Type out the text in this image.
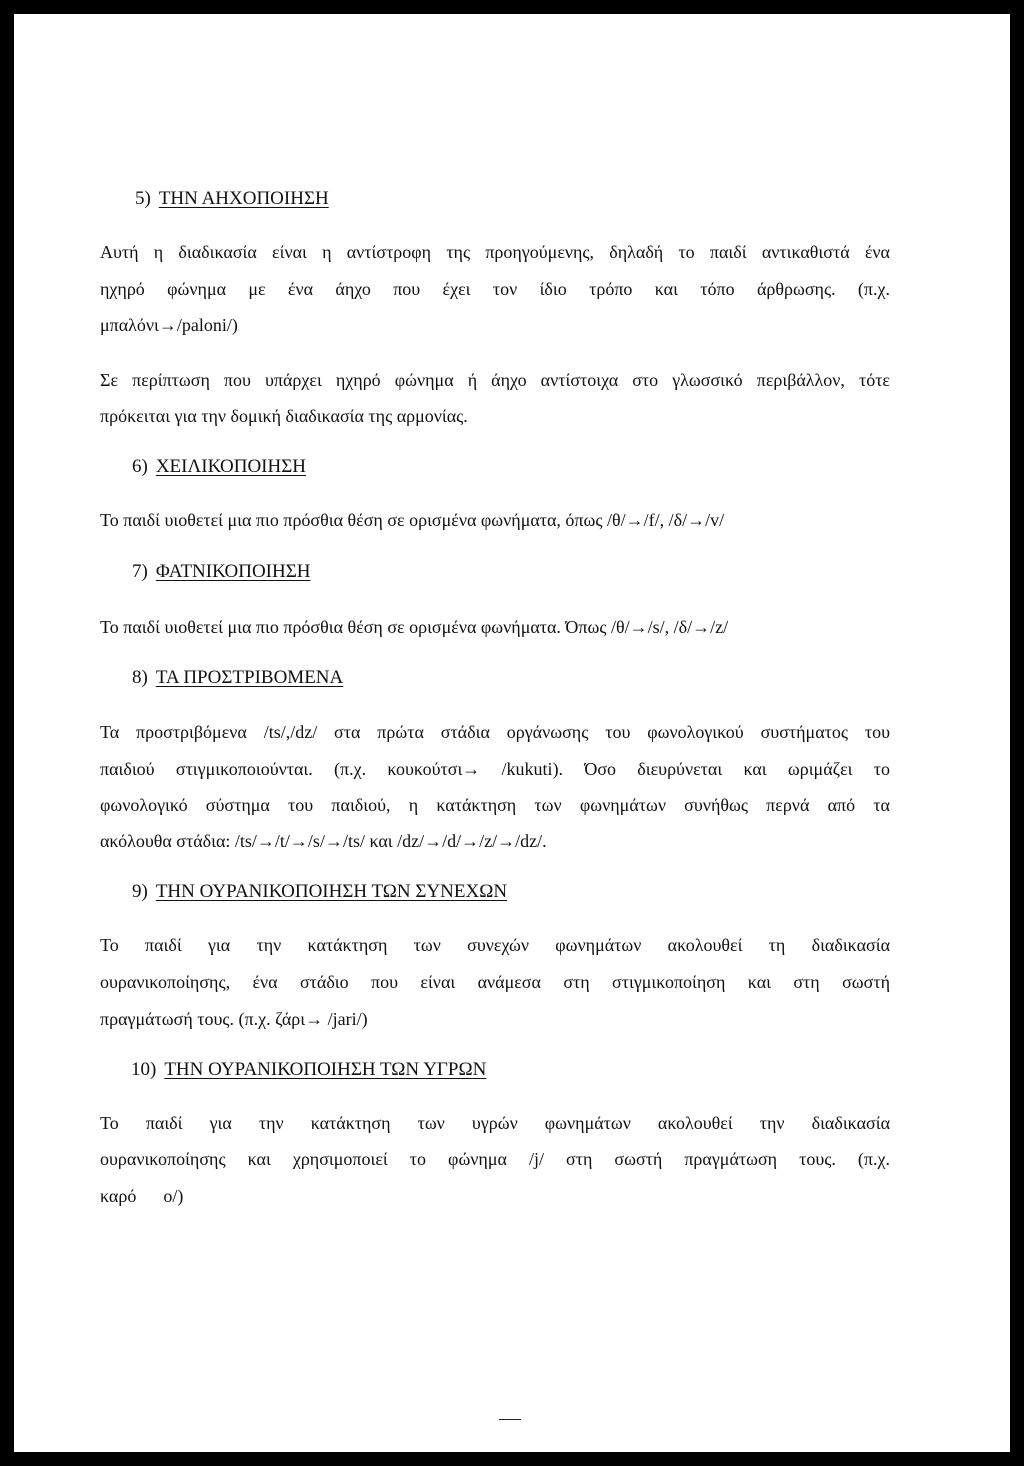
5) ΤΗΝ ΑΗΧΟΠΟΙΗΣΗ
Αυτή η διαδικασία είναι η αντίστροφη της προηγούμενης, δηλαδή το παιδί αντικαθιστά ένα
ηχηρό φώνημα με ένα άηχο που έχει τον ίδιο τρόπο και τόπο άρθρωσης. (π.χ.
μπαλόνι→/paloni/)
Σε περίπτωση που υπάρχει ηχηρό φώνημα ή άηχο αντίστοιχα στο γλωσσικό περιβάλλον, τότε
πρόκειται για την δομική διαδικασία της αρμονίας.
6) ΧΕΙΛΙΚΟΠΟΙΗΣΗ
Το παιδί υιοθετεί μια πιο πρόσθια θέση σε ορισμένα φωνήματα, όπως /θ/→/f/, /δ/→/v/
7) ΦΑΤΝΙΚΟΠΟΙΗΣΗ
Το παιδί υιοθετεί μια πιο πρόσθια θέση σε ορισμένα φωνήματα. Όπως /θ/→/s/, /δ/→/z/
8) ΤΑ ΠΡΟΣΤΡΙΒΟΜΕΝΑ
Τα προστριβόμενα /ts/,/dz/ στα πρώτα στάδια οργάνωσης του φωνολογικού συστήματος του
παιδιού στιγμικοποιούνται. (π.χ. κουκούτσι→ /kukuti). Όσο διευρύνεται και ωριμάζει το
φωνολογικό σύστημα του παιδιού, η κατάκτηση των φωνημάτων συνήθως περνά από τα
ακόλουθα στάδια: /ts/→/t/→/s/→/ts/ και /dz/→/d/→/z/→/dz/.
9) ΤΗΝ ΟΥΡΑΝΙΚΟΠΟΙΗΣΗ ΤΩΝ ΣΥΝΕΧΩΝ
Το παιδί για την κατάκτηση των συνεχών φωνημάτων ακολουθεί τη διαδικασία
ουρανικοποίησης, ένα στάδιο που είναι ανάμεσα στη στιγμικοποίηση και στη σωστή
πραγμάτωσή τους. (π.χ. ζάρι→ /jari/)
10) ΤΗΝ ΟΥΡΑΝΙΚΟΠΟΙΗΣΗ ΤΩΝ ΥΓΡΩΝ
Το παιδί για την κατάκτηση των υγρών φωνημάτων ακολουθεί την διαδικασία
ουρανικοποίησης και χρησιμοποιεί το φώνημα /j/ στη σωστή πραγμάτωση τους. (π.χ.
καρό      ο/)
